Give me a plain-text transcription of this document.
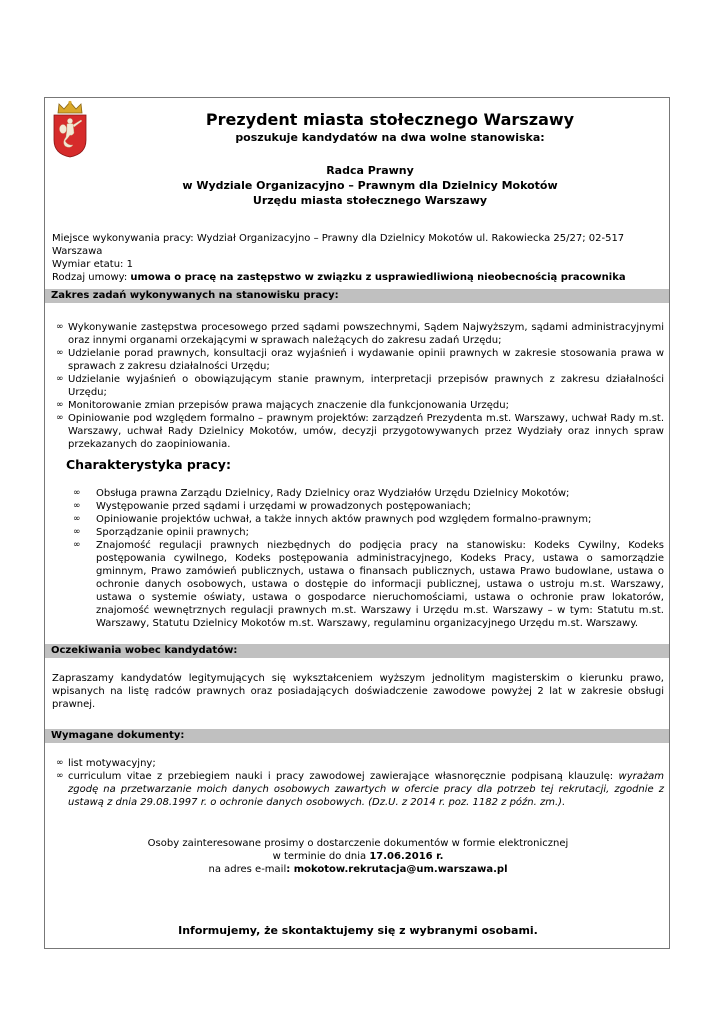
Prezydent miasta stołecznego Warszawy
poszukuje kandydatów na dwa wolne stanowiska:
Radca Prawny
w Wydziale Organizacyjno – Prawnym dla Dzielnicy Mokotów
Urzędu miasta stołecznego Warszawy
Miejsce wykonywania pracy: Wydział Organizacyjno – Prawny dla Dzielnicy Mokotów ul. Rakowiecka 25/27; 02-517 Warszawa
Wymiar etatu: 1
Rodzaj umowy: umowa o pracę na zastępstwo w związku z usprawiedliwioną nieobecnością pracownika
Zakres zadań wykonywanych na stanowisku pracy:
∞ Wykonywanie zastępstwa procesowego przed sądami powszechnymi, Sądem Najwyższym, sądami administracyjnymi oraz innymi organami orzekającymi w sprawach należących do zakresu zadań Urzędu;
∞ Udzielanie porad prawnych, konsultacji oraz wyjaśnień i wydawanie opinii prawnych w zakresie stosowania prawa w sprawach z zakresu działalności Urzędu;
∞ Udzielanie wyjaśnień o obowiązującym stanie prawnym, interpretacji przepisów prawnych z zakresu działalności Urzędu;
∞ Monitorowanie zmian przepisów prawa mających znaczenie dla funkcjonowania Urzędu;
∞ Opiniowanie pod względem formalno – prawnym projektów: zarządzeń Prezydenta m.st. Warszawy, uchwał Rady m.st. Warszawy, uchwał Rady Dzielnicy Mokotów, umów, decyzji przygotowywanych przez Wydziały oraz innych spraw przekazanych do zaopiniowania.
Charakterystyka pracy:
∞ Obsługa prawna Zarządu Dzielnicy, Rady Dzielnicy oraz Wydziałów Urzędu Dzielnicy Mokotów;
∞ Występowanie przed sądami i urzędami w prowadzonych postępowaniach;
∞ Opiniowanie projektów uchwał, a także innych aktów prawnych pod względem formalno-prawnym;
∞ Sporządzanie opinii prawnych;
∞ Znajomość regulacji prawnych niezbędnych do podjęcia pracy na stanowisku: Kodeks Cywilny, Kodeks postępowania cywilnego, Kodeks postępowania administracyjnego, Kodeks Pracy, ustawa o samorządzie gminnym, Prawo zamówień publicznych, ustawa o finansach publicznych, ustawa Prawo budowlane, ustawa o ochronie danych osobowych, ustawa o dostępie do informacji publicznej, ustawa o ustroju m.st. Warszawy, ustawa o systemie oświaty, ustawa o gospodarce nieruchomościami, ustawa o ochronie praw lokatorów, znajomość wewnętrznych regulacji prawnych m.st. Warszawy i Urzędu m.st. Warszawy – w tym: Statutu m.st. Warszawy, Statutu Dzielnicy Mokotów m.st. Warszawy, regulaminu organizacyjnego Urzędu m.st. Warszawy.
Oczekiwania wobec kandydatów:
Zapraszamy kandydatów legitymujących się wykształceniem wyższym jednolitym magisterskim o kierunku prawo, wpisanych na listę radców prawnych oraz posiadających doświadczenie zawodowe powyżej 2 lat w zakresie obsługi prawnej.
Wymagane dokumenty:
∞ list motywacyjny;
∞ curriculum vitae z przebiegiem nauki i pracy zawodowej zawierające własnoręcznie podpisaną klauzulę: wyrażam zgodę na przetwarzanie moich danych osobowych zawartych w ofercie pracy dla potrzeb tej rekrutacji, zgodnie z ustawą z dnia 29.08.1997 r. o ochronie danych osobowych. (Dz.U. z 2014 r. poz. 1182 z późn. zm.).
Osoby zainteresowane prosimy o dostarczenie dokumentów w formie elektronicznej
w terminie do dnia 17.06.2016 r.
na adres e-mail: mokotow.rekrutacja@um.warszawa.pl
Informujemy, że skontaktujemy się z wybranymi osobami.
